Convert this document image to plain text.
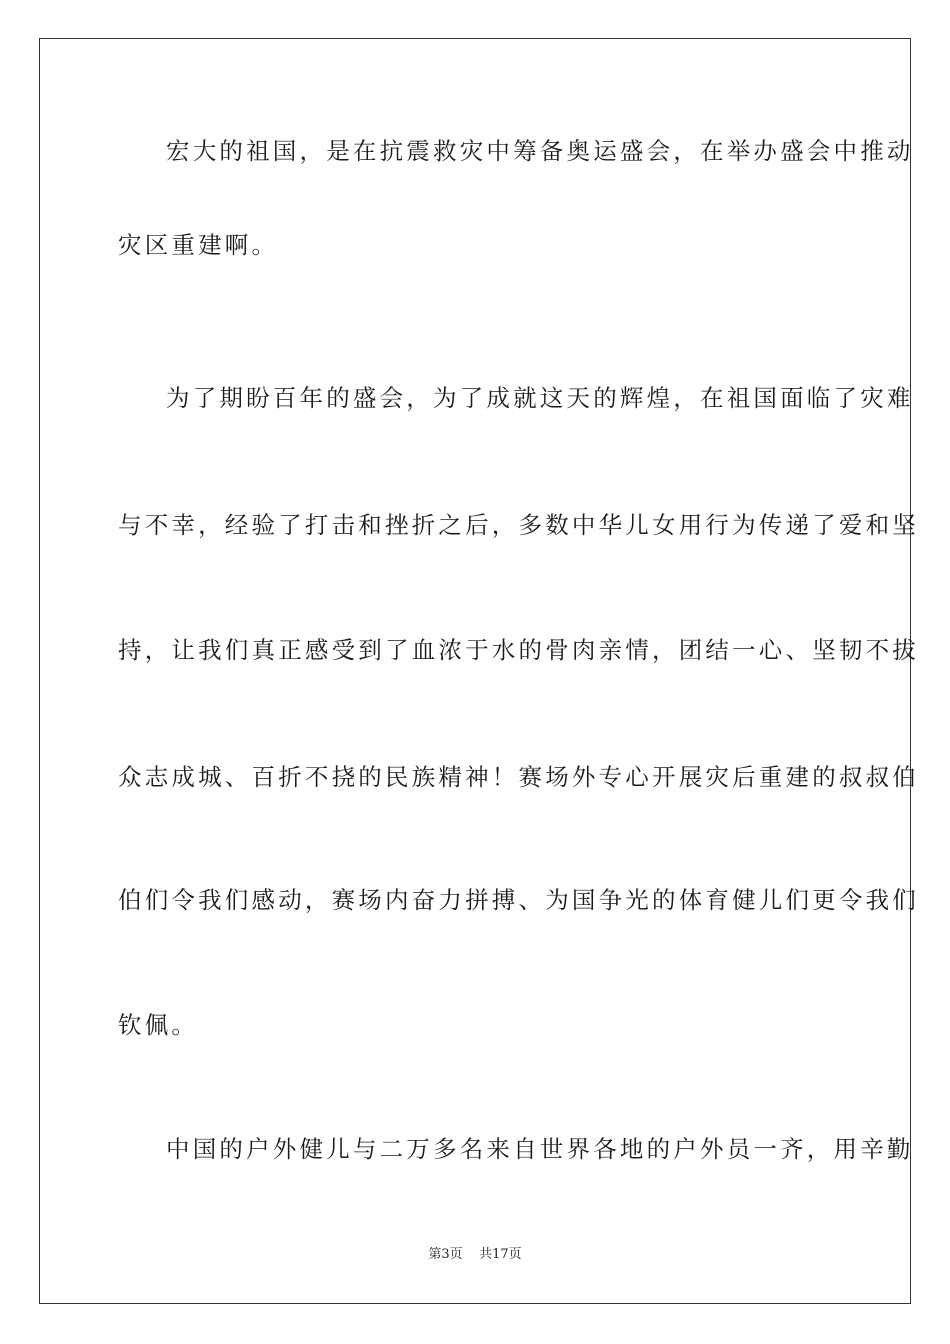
宏大的祖国，是在抗震救灾中筹备奥运盛会，在举办盛会中推动
灾区重建啊。
为了期盼百年的盛会，为了成就这天的辉煌，在祖国面临了灾难
与不幸，经验了打击和挫折之后，多数中华儿女用行为传递了爱和坚
持，让我们真正感受到了血浓于水的骨肉亲情，团结一心、坚韧不拔
众志成城、百折不挠的民族精神！赛场外专心开展灾后重建的叔叔伯
伯们令我们感动，赛场内奋力拼搏、为国争光的体育健儿们更令我们
钦佩。
中国的户外健儿与二万多名来自世界各地的户外员一齐，用辛勤
第3页 共17页
